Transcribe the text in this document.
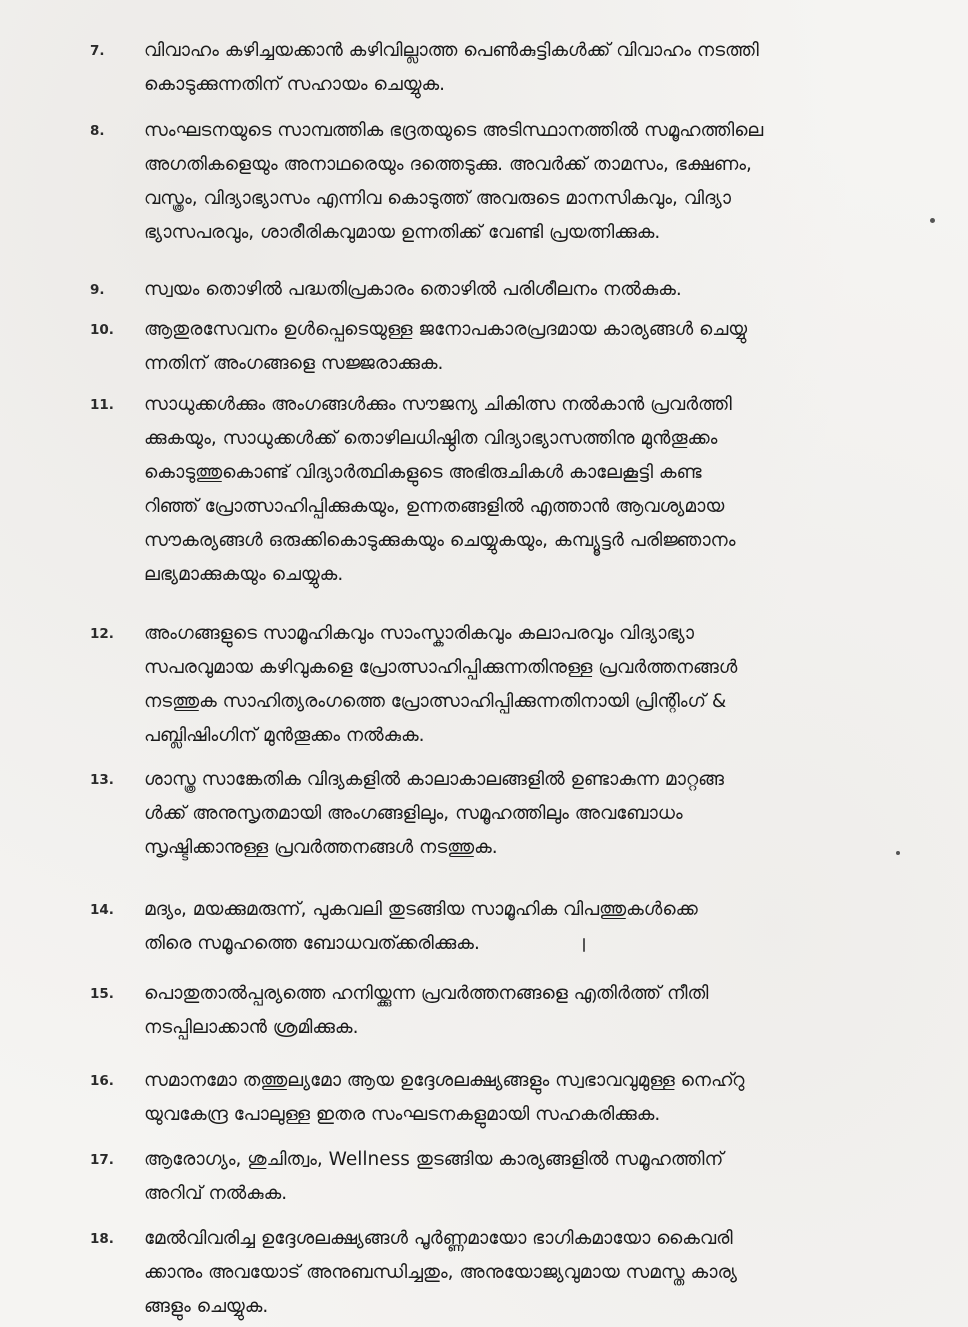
7.	വിവാഹം കഴിച്ചയക്കാൻ കഴിവില്ലാത്ത പെൺകുട്ടികൾക്ക് വിവാഹം നടത്തി
കൊടുക്കുന്നതിന് സഹായം ചെയ്യുക.
8.	സംഘടനയുടെ സാമ്പത്തിക ഭദ്രതയുടെ അടിസ്ഥാനത്തിൽ സമൂഹത്തിലെ
അഗതികളെയും അനാഥരെയും ദത്തെടുക്കു. അവർക്ക് താമസം, ഭക്ഷണം,
വസ്ത്രം, വിദ്യാഭ്യാസം എന്നിവ കൊടുത്ത് അവരുടെ മാനസികവും, വിദ്യാ
ഭ്യാസപരവും, ശാരീരികവുമായ ഉന്നതിക്ക് വേണ്ടി പ്രയത്നിക്കുക.
9.	സ്വയം തൊഴിൽ പദ്ധതിപ്രകാരം തൊഴിൽ പരിശീലനം നൽകുക.
10.	ആതുരസേവനം ഉൾപ്പെടെയുള്ള ജനോപകാരപ്രദമായ കാര്യങ്ങൾ ചെയ്യു
ന്നതിന് അംഗങ്ങളെ സജ്ജരാക്കുക.
11.	സാധുക്കൾക്കും അംഗങ്ങൾക്കും സൗജന്യ ചികിത്സ നൽകാൻ പ്രവർത്തി
ക്കുകയും, സാധുക്കൾക്ക് തൊഴിലധിഷ്ഠിത വിദ്യാഭ്യാസത്തിനു മുൻതൂക്കം
കൊടുത്തുകൊണ്ട് വിദ്യാർത്ഥികളുടെ അഭിരുചികൾ കാലേകൂട്ടി കണ്ട
റിഞ്ഞ് പ്രോത്സാഹിപ്പിക്കുകയും, ഉന്നതങ്ങളിൽ എത്താൻ ആവശ്യമായ
സൗകര്യങ്ങൾ ഒരുക്കികൊടുക്കുകയും ചെയ്യുകയും, കമ്പ്യൂട്ടർ പരിജ്ഞാനം
ലഭ്യമാക്കുകയും ചെയ്യുക.
12.	അംഗങ്ങളുടെ സാമൂഹികവും സാംസ്കാരികവും കലാപരവും വിദ്യാഭ്യാ
സപരവുമായ കഴിവുകളെ പ്രോത്സാഹിപ്പിക്കുന്നതിനുള്ള പ്രവർത്തനങ്ങൾ
നടത്തുക സാഹിത്യരംഗത്തെ പ്രോത്സാഹിപ്പിക്കുന്നതിനായി പ്രിന്റിംഗ് &
പബ്ലിഷിംഗിന് മുൻതൂക്കം നൽകുക.
13.	ശാസ്ത്ര സാങ്കേതിക വിദ്യകളിൽ കാലാകാലങ്ങളിൽ ഉണ്ടാകുന്ന മാറ്റങ്ങ
ൾക്ക് അനുസൃതമായി അംഗങ്ങളിലും, സമൂഹത്തിലും അവബോധം
സൃഷ്ടിക്കാനുള്ള പ്രവർത്തനങ്ങൾ നടത്തുക.
14.	മദ്യം, മയക്കുമരുന്ന്, പുകവലി തുടങ്ങിയ സാമൂഹിക വിപത്തുകൾക്കെ
തിരെ സമൂഹത്തെ ബോധവത്ക്കരിക്കുക.
15.	പൊതുതാൽപ്പര്യത്തെ ഹനിയ്ക്കുന്ന പ്രവർത്തനങ്ങളെ എതിർത്ത് നീതി
നടപ്പിലാക്കാൻ ശ്രമിക്കുക.
16.	സമാനമോ തത്തുല്യമോ ആയ ഉദ്ദേശലക്ഷ്യങ്ങളും സ്വഭാവവുമുള്ള നെഹ്റു
യുവകേന്ദ്ര പോലുള്ള ഇതര സംഘടനകളുമായി സഹകരിക്കുക.
17.	ആരോഗ്യം, ശുചിത്വം, Wellness തുടങ്ങിയ കാര്യങ്ങളിൽ സമൂഹത്തിന്
അറിവ് നൽകുക.
18.	മേൽവിവരിച്ച ഉദ്ദേശലക്ഷ്യങ്ങൾ പൂർണ്ണമായോ ഭാഗികമായോ കൈവരി
ക്കാനും അവയോട് അനുബന്ധിച്ചതും, അനുയോജ്യവുമായ സമസ്ത കാര്യ
ങ്ങളും ചെയ്യുക.
